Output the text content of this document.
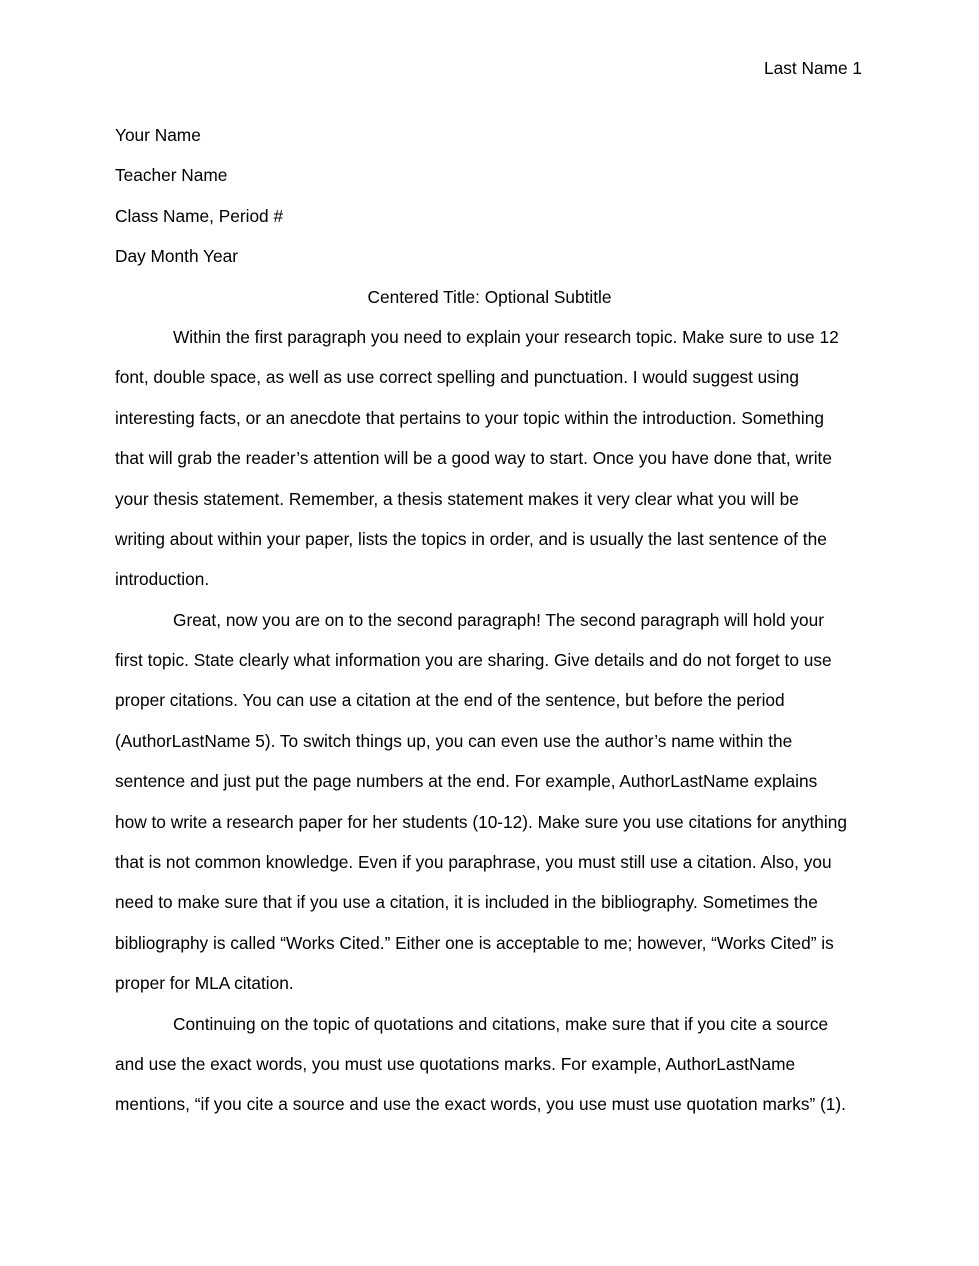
Last Name 1
Your Name
Teacher Name
Class Name, Period #
Day Month Year
Centered Title: Optional Subtitle
Within the first paragraph you need to explain your research topic. Make sure to use 12
font, double space, as well as use correct spelling and punctuation. I would suggest using
interesting facts, or an anecdote that pertains to your topic within the introduction. Something
that will grab the reader’s attention will be a good way to start. Once you have done that, write
your thesis statement. Remember, a thesis statement makes it very clear what you will be
writing about within your paper, lists the topics in order, and is usually the last sentence of the
introduction.
Great, now you are on to the second paragraph! The second paragraph will hold your
first topic. State clearly what information you are sharing. Give details and do not forget to use
proper citations. You can use a citation at the end of the sentence, but before the period
(AuthorLastName 5). To switch things up, you can even use the author’s name within the
sentence and just put the page numbers at the end. For example, AuthorLastName explains
how to write a research paper for her students (10-12). Make sure you use citations for anything
that is not common knowledge. Even if you paraphrase, you must still use a citation. Also, you
need to make sure that if you use a citation, it is included in the bibliography. Sometimes the
bibliography is called “Works Cited.” Either one is acceptable to me; however, “Works Cited” is
proper for MLA citation.
Continuing on the topic of quotations and citations, make sure that if you cite a source
and use the exact words, you must use quotations marks. For example, AuthorLastName
mentions, “if you cite a source and use the exact words, you use must use quotation marks” (1).
